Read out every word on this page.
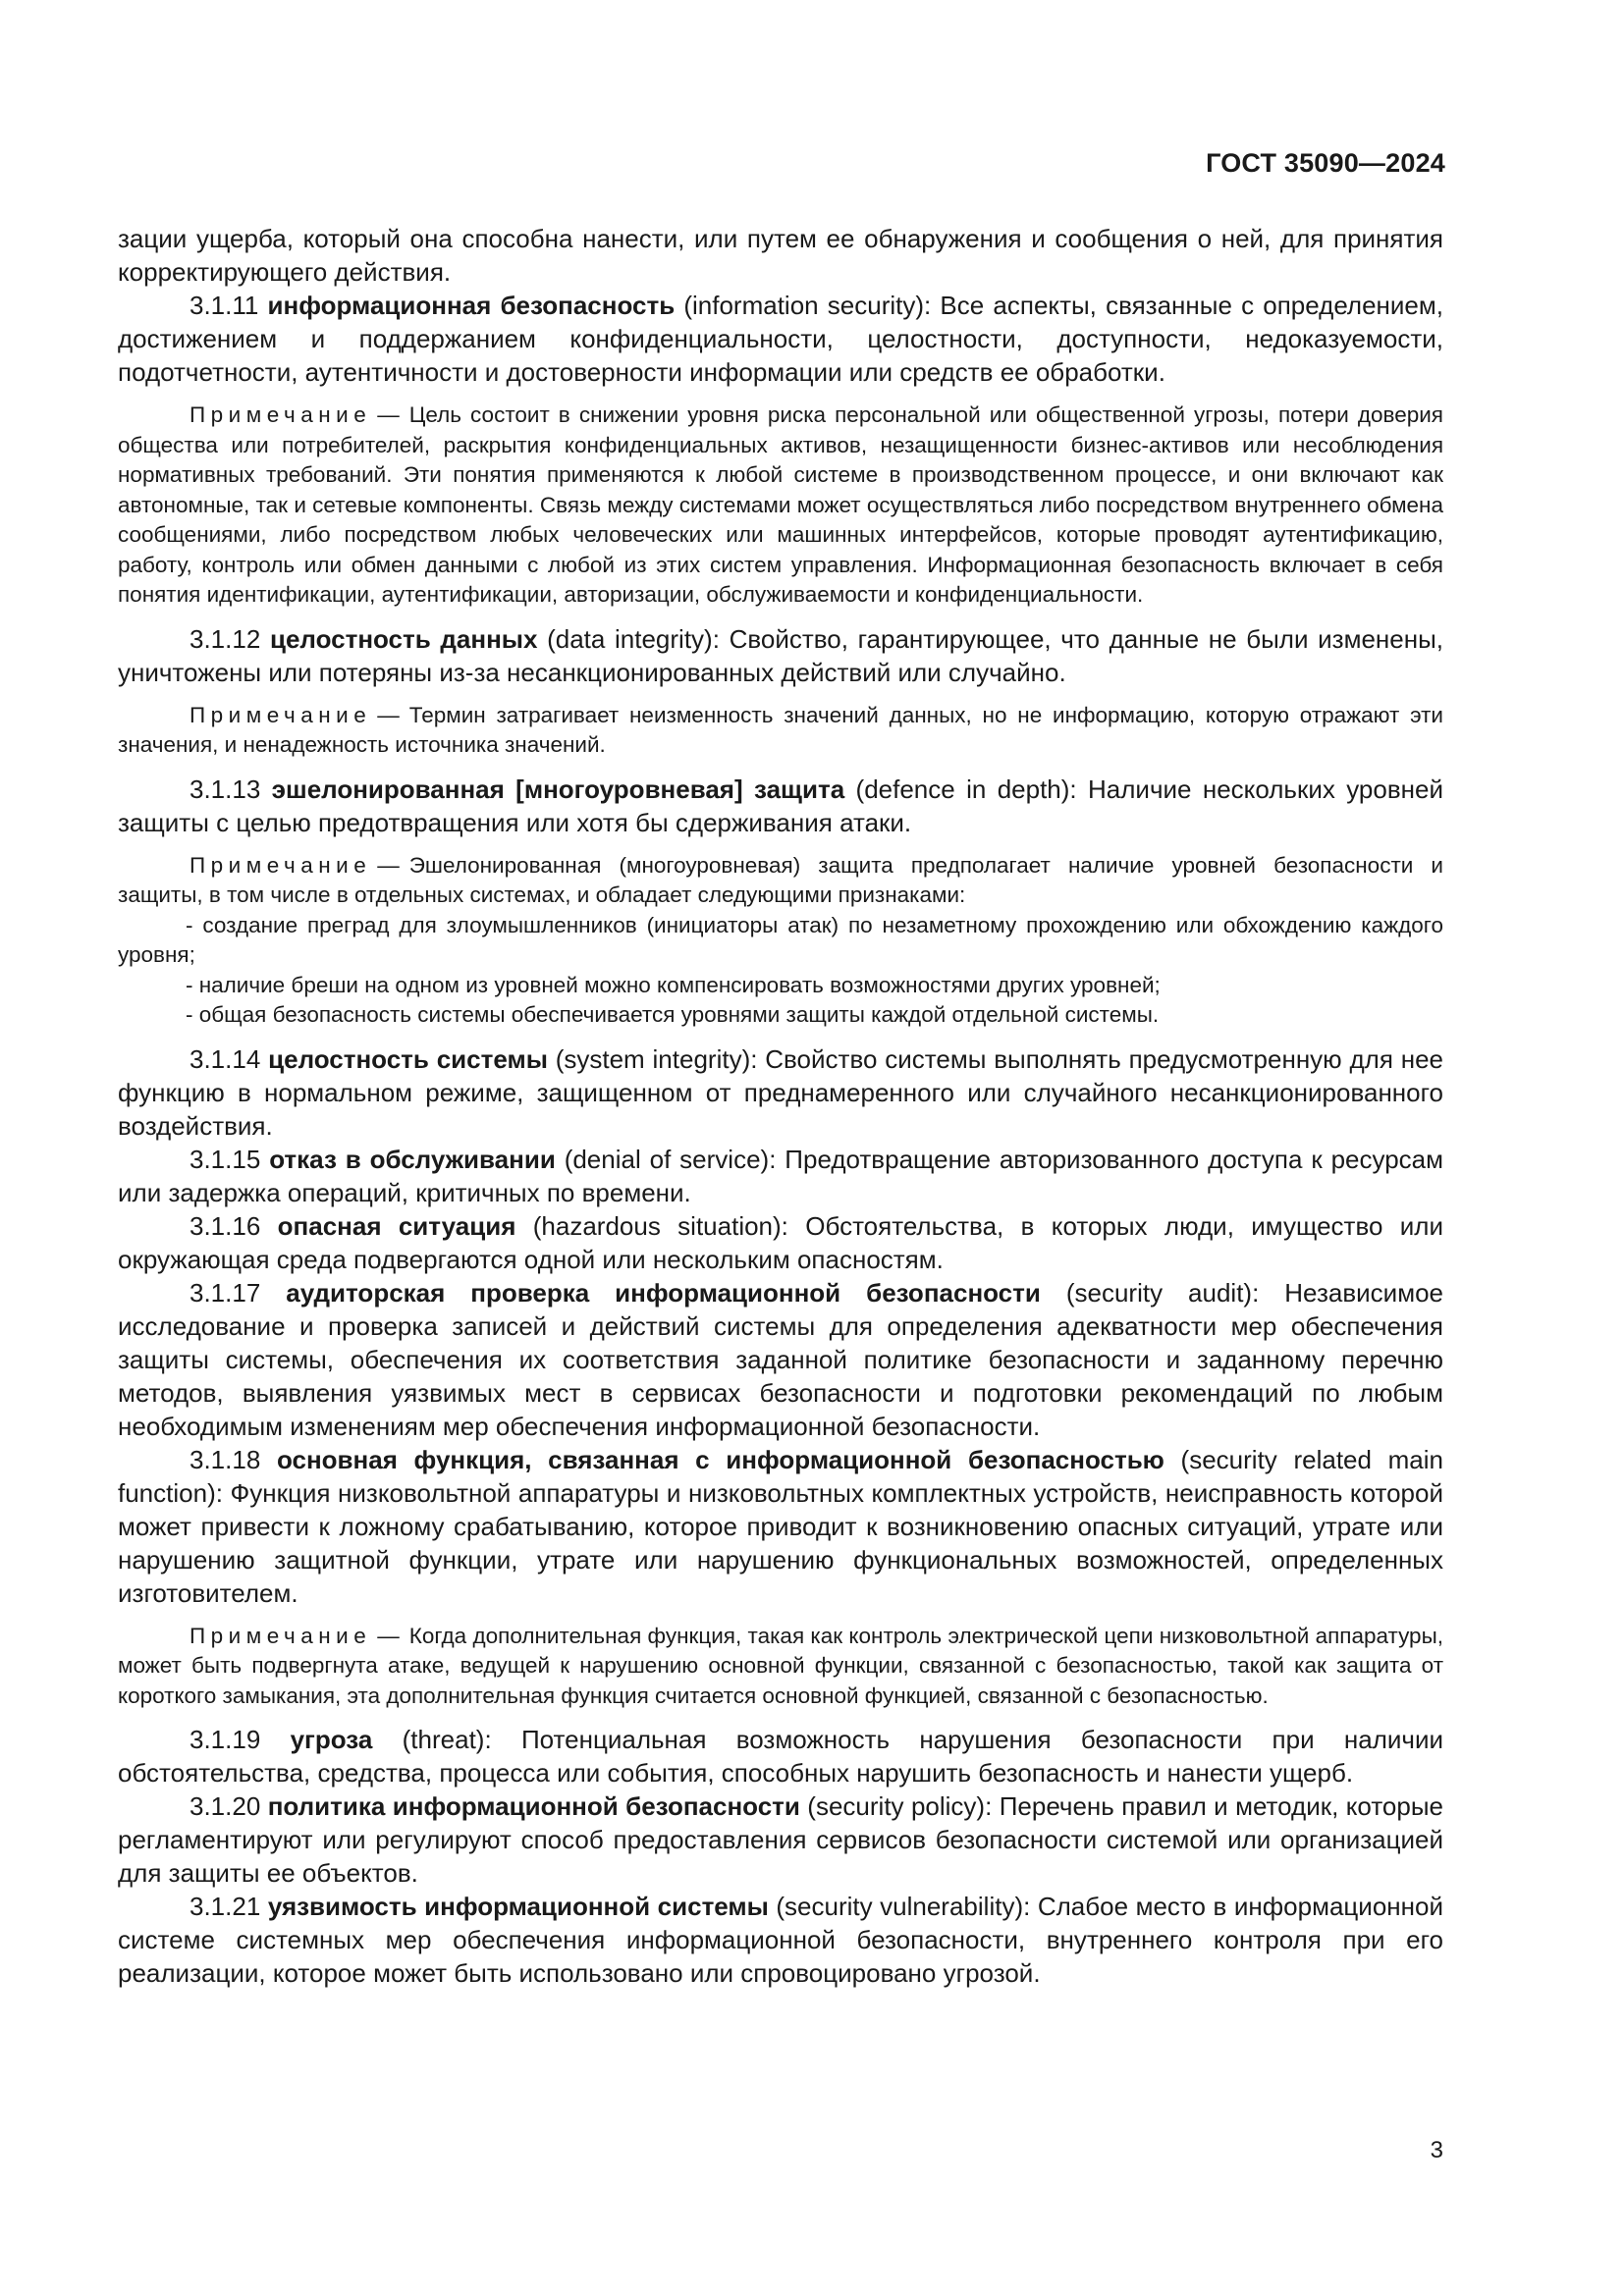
ГОСТ 35090—2024

зации ущерба, который она способна нанести, или путем ее обнаружения и сообщения о ней, для принятия корректирующего действия.

3.1.11 информационная безопасность (information security): Все аспекты, связанные с определением, достижением и поддержанием конфиденциальности, целостности, доступности, недоказуемости, подотчетности, аутентичности и достоверности информации или средств ее обработки.

Примечание — Цель состоит в снижении уровня риска персональной или общественной угрозы, потери доверия общества или потребителей, раскрытия конфиденциальных активов, незащищенности бизнес-активов или несоблюдения нормативных требований. Эти понятия применяются к любой системе в производственном процессе, и они включают как автономные, так и сетевые компоненты. Связь между системами может осуществляться либо посредством внутреннего обмена сообщениями, либо посредством любых человеческих или машинных интерфейсов, которые проводят аутентификацию, работу, контроль или обмен данными с любой из этих систем управления. Информационная безопасность включает в себя понятия идентификации, аутентификации, авторизации, обслуживаемости и конфиденциальности.

3.1.12 целостность данных (data integrity): Свойство, гарантирующее, что данные не были изменены, уничтожены или потеряны из-за несанкционированных действий или случайно.

Примечание — Термин затрагивает неизменность значений данных, но не информацию, которую отражают эти значения, и ненадежность источника значений.

3.1.13 эшелонированная [многоуровневая] защита (defence in depth): Наличие нескольких уровней защиты с целью предотвращения или хотя бы сдерживания атаки.

Примечание — Эшелонированная (многоуровневая) защита предполагает наличие уровней безопасности и защиты, в том числе в отдельных системах, и обладает следующими признаками:

- создание преград для злоумышленников (инициаторы атак) по незаметному прохождению или обхождению каждого уровня;

- наличие бреши на одном из уровней можно компенсировать возможностями других уровней;

- общая безопасность системы обеспечивается уровнями защиты каждой отдельной системы.

3.1.14 целостность системы (system integrity): Свойство системы выполнять предусмотренную для нее функцию в нормальном режиме, защищенном от преднамеренного или случайного несанкционированного воздействия.

3.1.15 отказ в обслуживании (denial of service): Предотвращение авторизованного доступа к ресурсам или задержка операций, критичных по времени.

3.1.16 опасная ситуация (hazardous situation): Обстоятельства, в которых люди, имущество или окружающая среда подвергаются одной или нескольким опасностям.

3.1.17 аудиторская проверка информационной безопасности (security audit): Независимое исследование и проверка записей и действий системы для определения адекватности мер обеспечения защиты системы, обеспечения их соответствия заданной политике безопасности и заданному перечню методов, выявления уязвимых мест в сервисах безопасности и подготовки рекомендаций по любым необходимым изменениям мер обеспечения информационной безопасности.

3.1.18 основная функция, связанная с информационной безопасностью (security related main function): Функция низковольтной аппаратуры и низковольтных комплектных устройств, неисправность которой может привести к ложному срабатыванию, которое приводит к возникновению опасных ситуаций, утрате или нарушению защитной функции, утрате или нарушению функциональных возможностей, определенных изготовителем.

Примечание — Когда дополнительная функция, такая как контроль электрической цепи низковольтной аппаратуры, может быть подвергнута атаке, ведущей к нарушению основной функции, связанной с безопасностью, такой как защита от короткого замыкания, эта дополнительная функция считается основной функцией, связанной с безопасностью.

3.1.19 угроза (threat): Потенциальная возможность нарушения безопасности при наличии обстоятельства, средства, процесса или события, способных нарушить безопасность и нанести ущерб.

3.1.20 политика информационной безопасности (security policy): Перечень правил и методик, которые регламентируют или регулируют способ предоставления сервисов безопасности системой или организацией для защиты ее объектов.

3.1.21 уязвимость информационной системы (security vulnerability): Слабое место в информационной системе системных мер обеспечения информационной безопасности, внутреннего контроля при его реализации, которое может быть использовано или спровоцировано угрозой.

3
